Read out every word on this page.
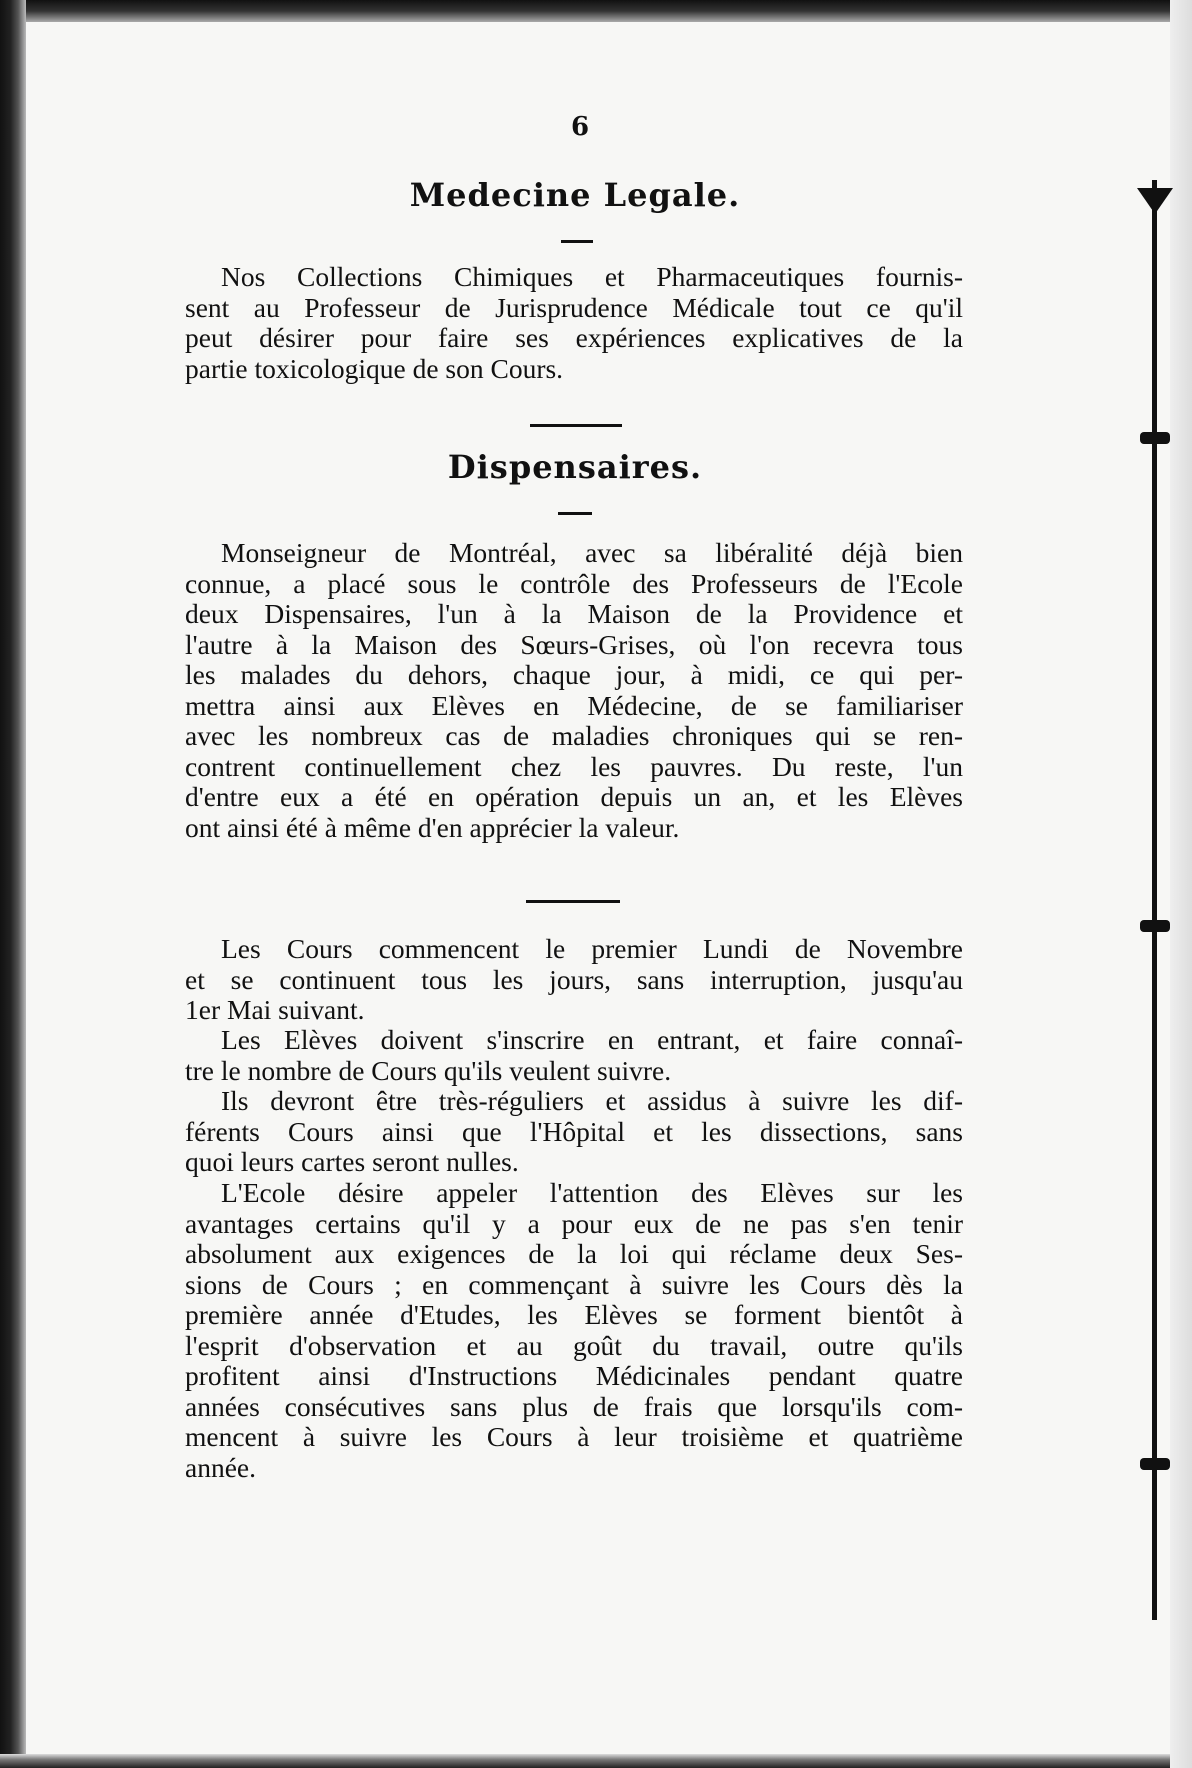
6
Medecine Legale.
Nos Collections Chimiques et Pharmaceutiques fournis-
sent au Professeur de Jurisprudence Médicale tout ce qu'il
peut désirer pour faire ses expériences explicatives de la
partie toxicologique de son Cours.
Dispensaires.
Monseigneur de Montréal, avec sa libéralité déjà bien
connue, a placé sous le contrôle des Professeurs de l'Ecole
deux Dispensaires, l'un à la Maison de la Providence et
l'autre à la Maison des Sœurs-Grises, où l'on recevra tous
les malades du dehors, chaque jour, à midi, ce qui per-
mettra ainsi aux Elèves en Médecine, de se familiariser
avec les nombreux cas de maladies chroniques qui se ren-
contrent continuellement chez les pauvres. Du reste, l'un
d'entre eux a été en opération depuis un an, et les Elèves
ont ainsi été à même d'en apprécier la valeur.
Les Cours commencent le premier Lundi de Novembre
et se continuent tous les jours, sans interruption, jusqu'au
1er Mai suivant.
Les Elèves doivent s'inscrire en entrant, et faire connaî-
tre le nombre de Cours qu'ils veulent suivre.
Ils devront être très-réguliers et assidus à suivre les dif-
férents Cours ainsi que l'Hôpital et les dissections, sans
quoi leurs cartes seront nulles.
L'Ecole désire appeler l'attention des Elèves sur les
avantages certains qu'il y a pour eux de ne pas s'en tenir
absolument aux exigences de la loi qui réclame deux Ses-
sions de Cours ; en commençant à suivre les Cours dès la
première année d'Etudes, les Elèves se forment bientôt à
l'esprit d'observation et au goût du travail, outre qu'ils
profitent ainsi d'Instructions Médicinales pendant quatre
années consécutives sans plus de frais que lorsqu'ils com-
mencent à suivre les Cours à leur troisième et quatrième
année.
